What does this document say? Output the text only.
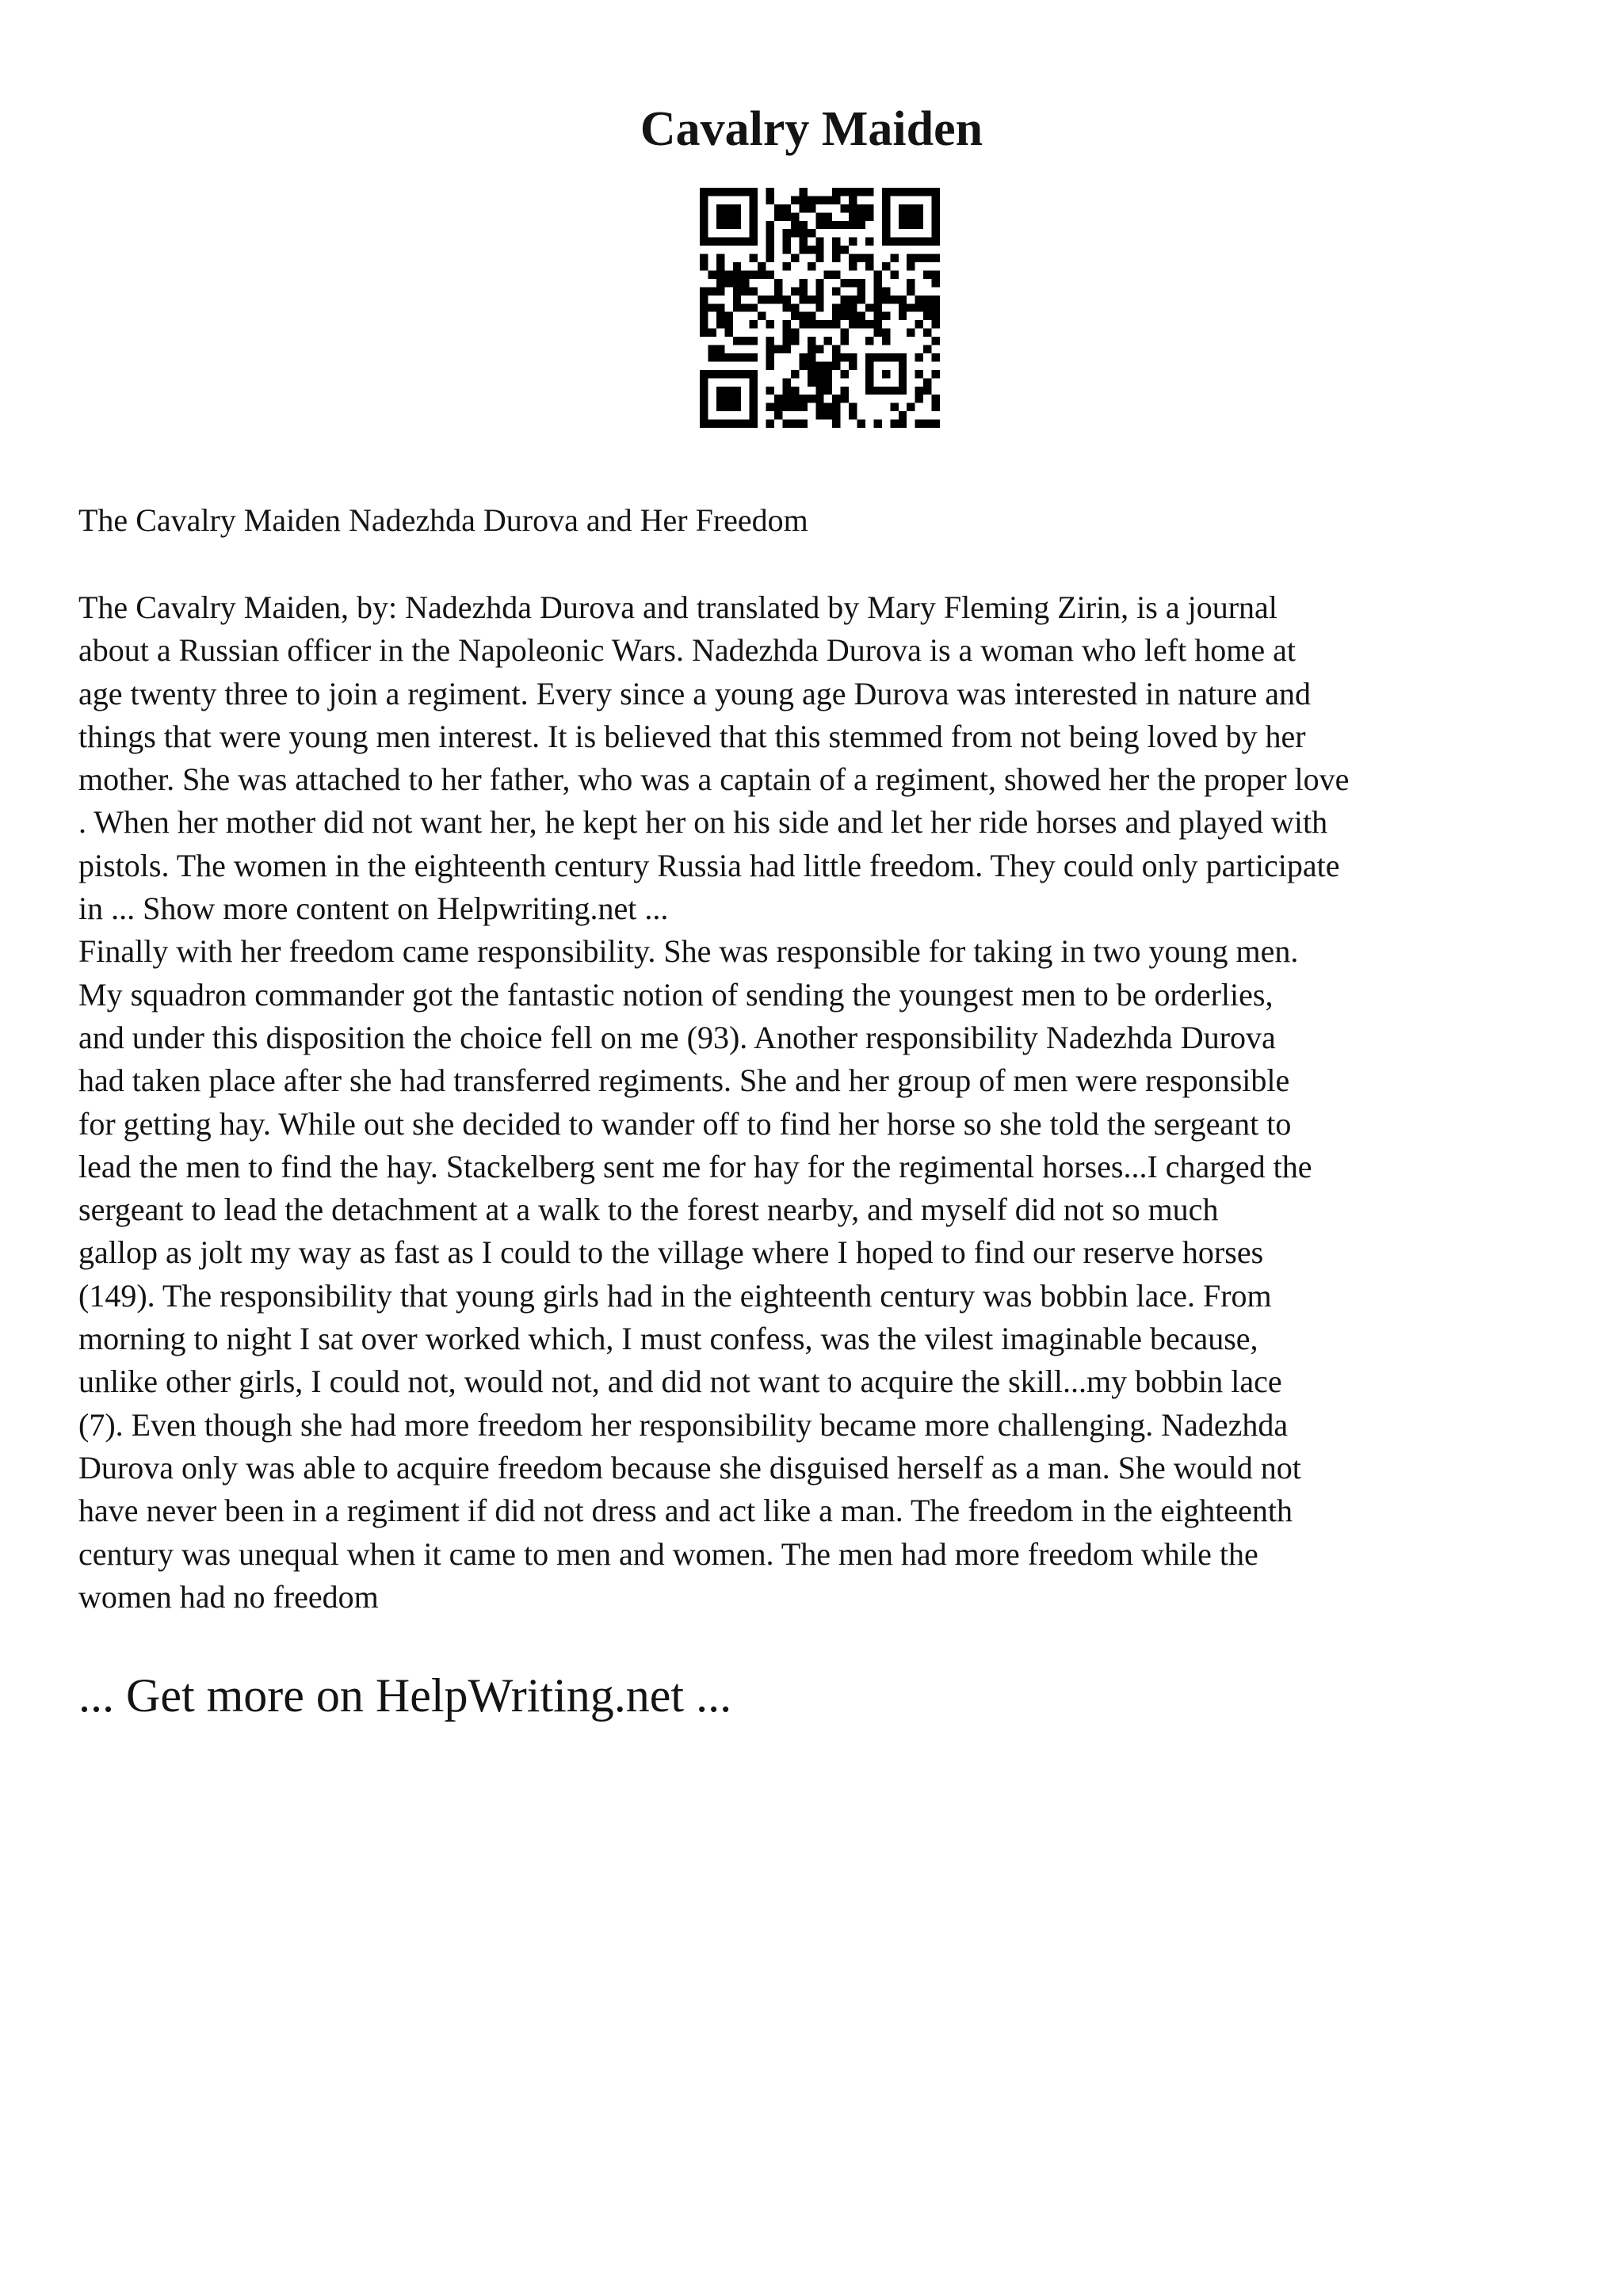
Cavalry Maiden

The Cavalry Maiden Nadezhda Durova and Her Freedom

The Cavalry Maiden, by: Nadezhda Durova and translated by Mary Fleming Zirin, is a journal
about a Russian officer in the Napoleonic Wars. Nadezhda Durova is a woman who left home at
age twenty three to join a regiment. Every since a young age Durova was interested in nature and
things that were young men interest. It is believed that this stemmed from not being loved by her
mother. She was attached to her father, who was a captain of a regiment, showed her the proper love
. When her mother did not want her, he kept her on his side and let her ride horses and played with
pistols. The women in the eighteenth century Russia had little freedom. They could only participate
in ... Show more content on Helpwriting.net ...
Finally with her freedom came responsibility. She was responsible for taking in two young men.
My squadron commander got the fantastic notion of sending the youngest men to be orderlies,
and under this disposition the choice fell on me (93). Another responsibility Nadezhda Durova
had taken place after she had transferred regiments. She and her group of men were responsible
for getting hay. While out she decided to wander off to find her horse so she told the sergeant to
lead the men to find the hay. Stackelberg sent me for hay for the regimental horses...I charged the
sergeant to lead the detachment at a walk to the forest nearby, and myself did not so much
gallop as jolt my way as fast as I could to the village where I hoped to find our reserve horses
(149). The responsibility that young girls had in the eighteenth century was bobbin lace. From
morning to night I sat over worked which, I must confess, was the vilest imaginable because,
unlike other girls, I could not, would not, and did not want to acquire the skill...my bobbin lace
(7). Even though she had more freedom her responsibility became more challenging. Nadezhda
Durova only was able to acquire freedom because she disguised herself as a man. She would not
have never been in a regiment if did not dress and act like a man. The freedom in the eighteenth
century was unequal when it came to men and women. The men had more freedom while the
women had no freedom

... Get more on HelpWriting.net ...
